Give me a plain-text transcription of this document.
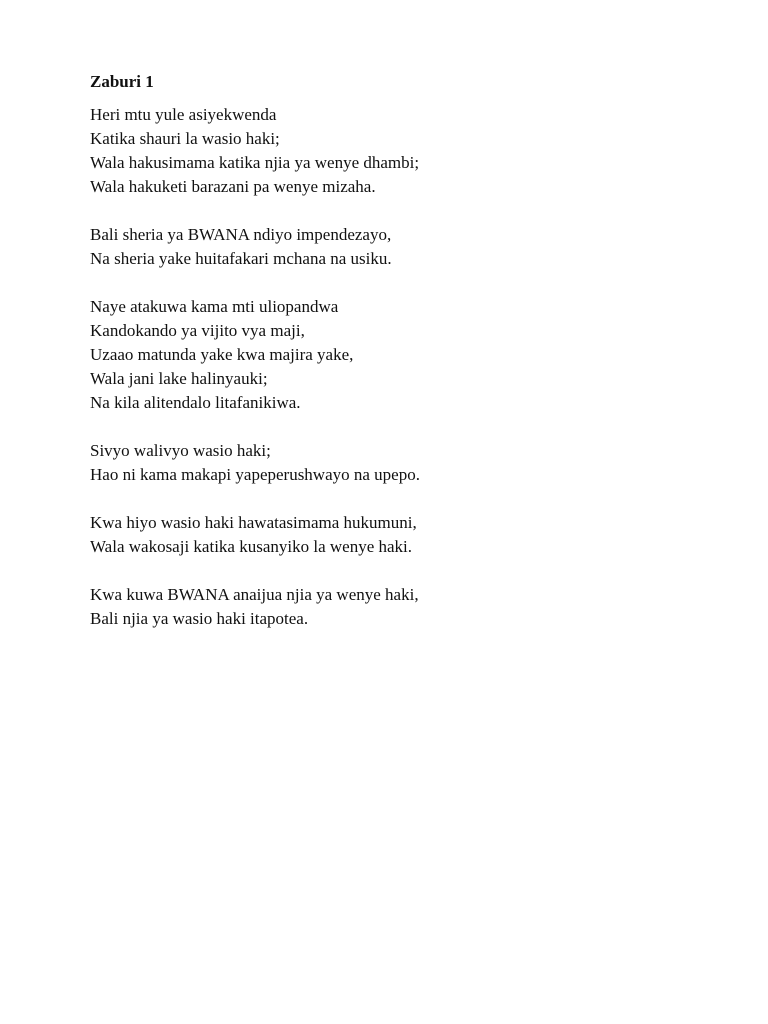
Zaburi 1
Heri mtu yule asiyekwenda
Katika shauri la wasio haki;
Wala hakusimama katika njia ya wenye dhambi;
Wala hakuketi barazani pa wenye mizaha.
Bali sheria ya BWANA ndiyo impendezayo,
Na sheria yake huitafakari mchana na usiku.
Naye atakuwa kama mti uliopandwa
Kandokando ya vijito vya maji,
Uzaao matunda yake kwa majira yake,
Wala jani lake halinyauki;
Na kila alitendalo litafanikiwa.
Sivyo walivyo wasio haki;
Hao ni kama makapi yapeperushwayo na upepo.
Kwa hiyo wasio haki hawatasimama hukumuni,
Wala wakosaji katika kusanyiko la wenye haki.
Kwa kuwa BWANA anaijua njia ya wenye haki,
Bali njia ya wasio haki itapotea.
